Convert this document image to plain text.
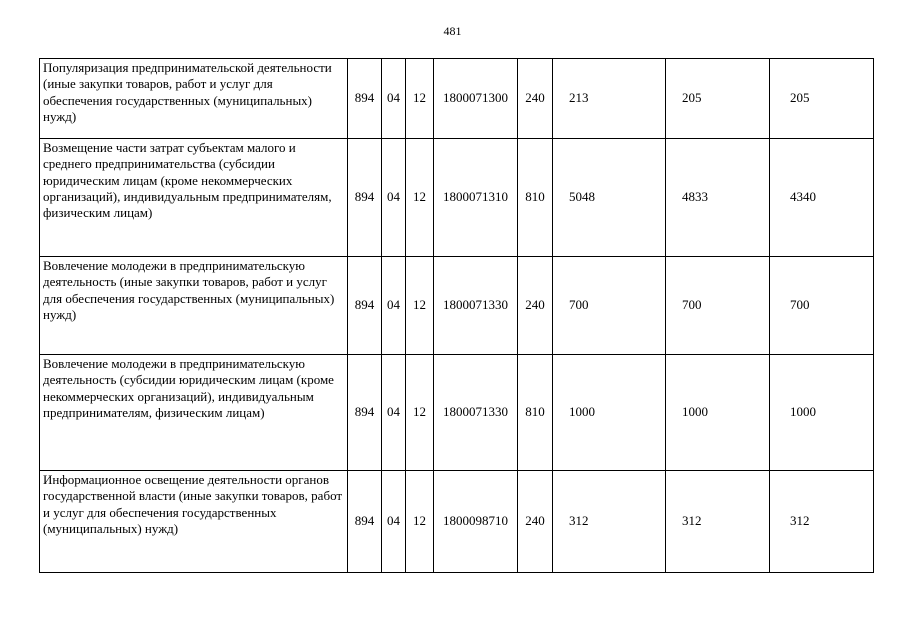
481
Популяризация предпринимательской деятельности (иные закупки товаров, работ и услуг для обеспечения государственных (муниципальных) нужд)	894	04	12	1800071300	240	213	205	205
Возмещение части затрат субъектам малого и среднего предпринимательства (субсидии юридическим лицам (кроме некоммерческих организаций), индивидуальным предпринимателям, физическим лицам)	894	04	12	1800071310	810	5048	4833	4340
Вовлечение молодежи в предпринимательскую деятельность (иные закупки товаров, работ и услуг для обеспечения государственных (муниципальных) нужд)	894	04	12	1800071330	240	700	700	700
Вовлечение молодежи в предпринимательскую деятельность (субсидии юридическим лицам (кроме некоммерческих организаций), индивидуальным предпринимателям, физическим лицам)	894	04	12	1800071330	810	1000	1000	1000
Информационное освещение деятельности органов государственной власти (иные закупки товаров, работ и услуг для обеспечения государственных (муниципальных) нужд)	894	04	12	1800098710	240	312	312	312
